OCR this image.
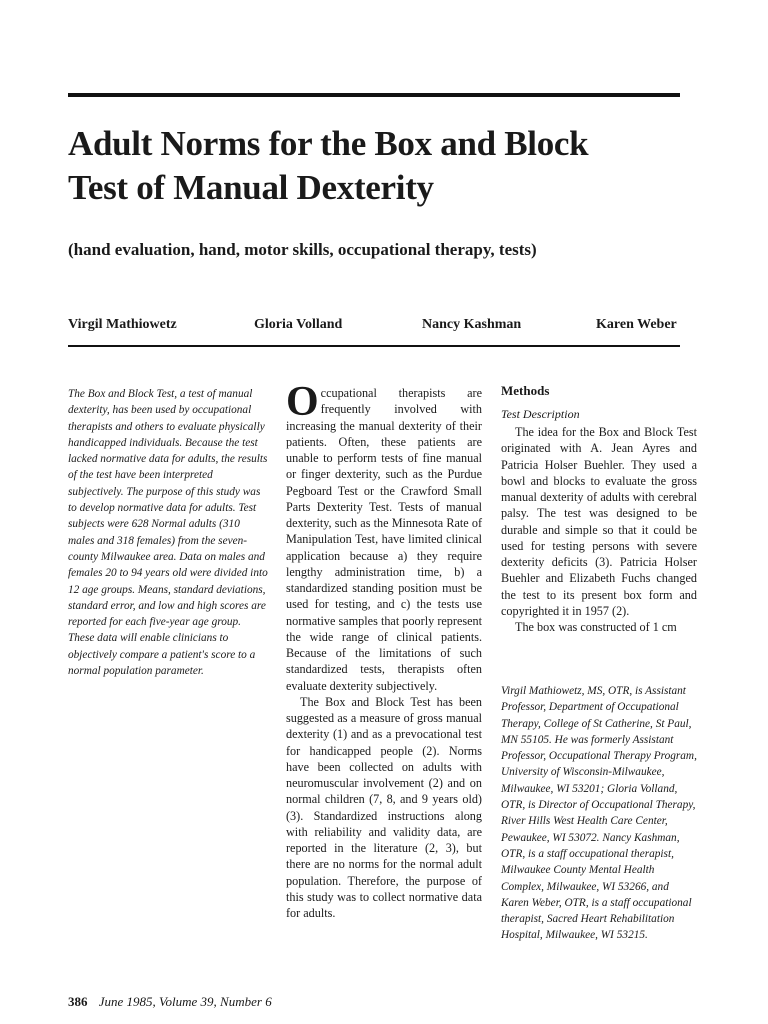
Adult Norms for the Box and Block
Test of Manual Dexterity

(hand evaluation, hand, motor skills, occupational therapy, tests)

Virgil Mathiowetz	Gloria Volland	Nancy Kashman	Karen Weber

The Box and Block Test, a test of manual dexterity, has been used by occupational therapists and others to evaluate physically handicapped individuals. Because the test lacked normative data for adults, the results of the test have been interpreted subjectively. The purpose of this study was to develop normative data for adults. Test subjects were 628 Normal adults (310 males and 318 females) from the seven-county Milwaukee area. Data on males and females 20 to 94 years old were divided into 12 age groups. Means, standard deviations, standard error, and low and high scores are reported for each five-year age group. These data will enable clinicians to objectively compare a patient's score to a normal population parameter.

Occupational therapists are frequently involved with increasing the manual dexterity of their patients. Often, these patients are unable to perform tests of fine manual or finger dexterity, such as the Purdue Pegboard Test or the Crawford Small Parts Dexterity Test. Tests of manual dexterity, such as the Minnesota Rate of Manipulation Test, have limited clinical application because a) they require lengthy administration time, b) a standardized standing position must be used for testing, and c) the tests use normative samples that poorly represent the wide range of clinical patients. Because of the limitations of such standardized tests, therapists often evaluate dexterity subjectively.

The Box and Block Test has been suggested as a measure of gross manual dexterity (1) and as a prevocational test for handicapped people (2). Norms have been collected on adults with neuromuscular involvement (2) and on normal children (7, 8, and 9 years old) (3). Standardized instructions along with reliability and validity data, are reported in the literature (2, 3), but there are no norms for the normal adult population. Therefore, the purpose of this study was to collect normative data for adults.

Methods
Test Description

The idea for the Box and Block Test originated with A. Jean Ayres and Patricia Holser Buehler. They used a bowl and blocks to evaluate the gross manual dexterity of adults with cerebral palsy. The test was designed to be durable and simple so that it could be used for testing persons with severe dexterity deficits (3). Patricia Holser Buehler and Elizabeth Fuchs changed the test to its present box form and copyrighted it in 1957 (2).

The box was constructed of 1 cm

Virgil Mathiowetz, MS, OTR, is Assistant Professor, Department of Occupational Therapy, College of St Catherine, St Paul, MN 55105. He was formerly Assistant Professor, Occupational Therapy Program, University of Wisconsin-Milwaukee, Milwaukee, WI 53201; Gloria Volland, OTR, is Director of Occupational Therapy, River Hills West Health Care Center, Pewaukee, WI 53072. Nancy Kashman, OTR, is a staff occupational therapist, Milwaukee County Mental Health Complex, Milwaukee, WI 53266, and Karen Weber, OTR, is a staff occupational therapist, Sacred Heart Rehabilitation Hospital, Milwaukee, WI 53215.

386 June 1985, Volume 39, Number 6
